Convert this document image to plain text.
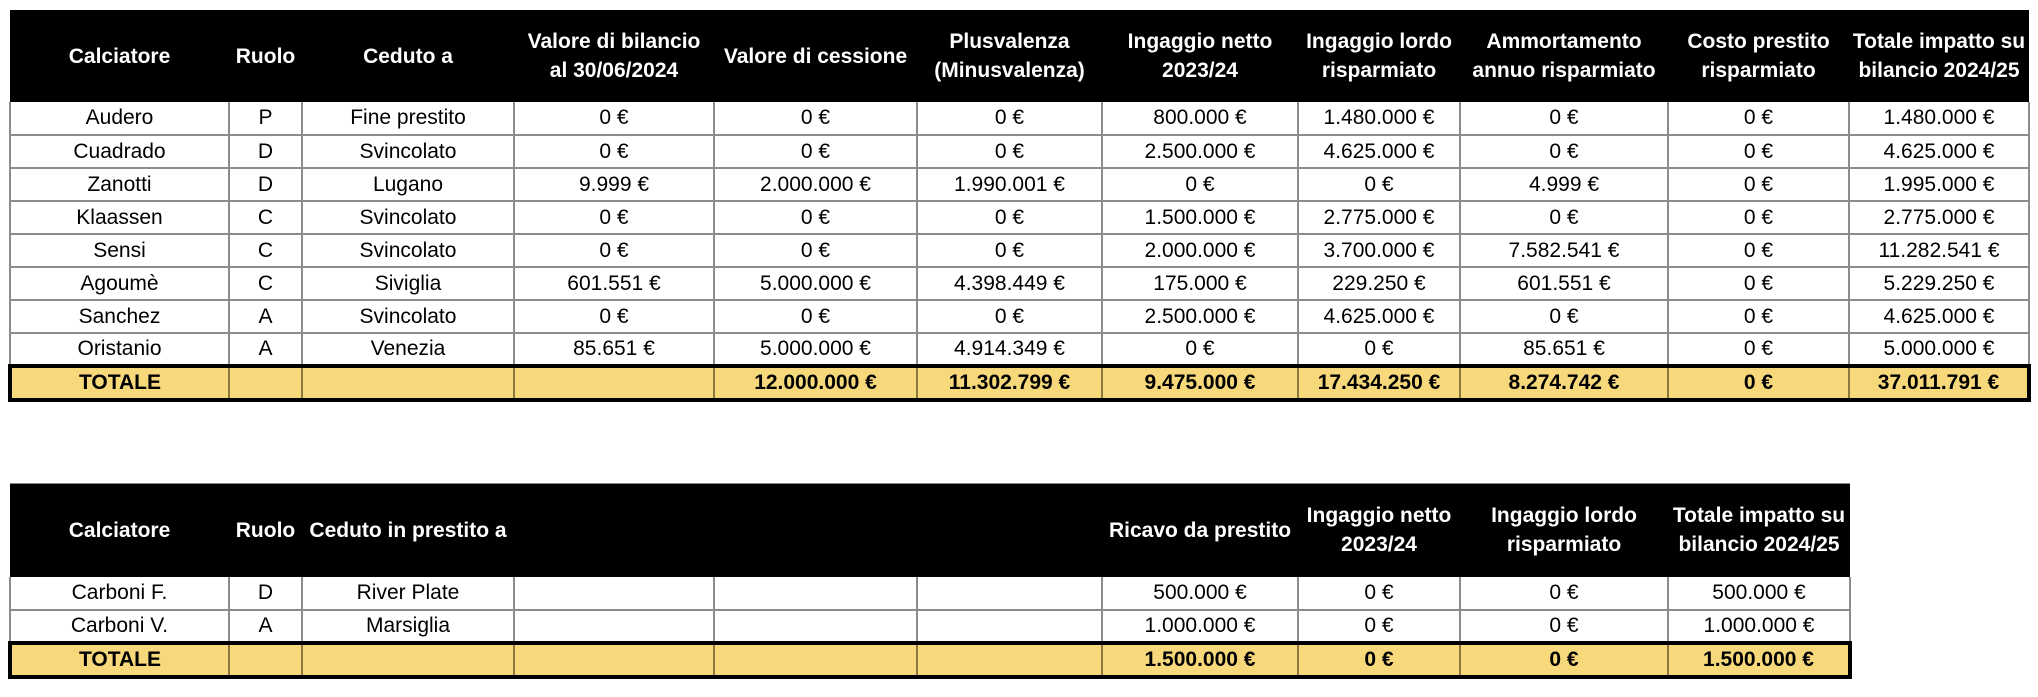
Calciatore	Ruolo	Ceduto a	Valore di bilancio al 30/06/2024	Valore di cessione	Plusvalenza (Minusvalenza)	Ingaggio netto 2023/24	Ingaggio lordo risparmiato	Ammortamento annuo risparmiato	Costo prestito risparmiato	Totale impatto su bilancio 2024/25
Audero	P	Fine prestito	0 €	0 €	0 €	800.000 €	1.480.000 €	0 €	0 €	1.480.000 €
Cuadrado	D	Svincolato	0 €	0 €	0 €	2.500.000 €	4.625.000 €	0 €	0 €	4.625.000 €
Zanotti	D	Lugano	9.999 €	2.000.000 €	1.990.001 €	0 €	0 €	4.999 €	0 €	1.995.000 €
Klaassen	C	Svincolato	0 €	0 €	0 €	1.500.000 €	2.775.000 €	0 €	0 €	2.775.000 €
Sensi	C	Svincolato	0 €	0 €	0 €	2.000.000 €	3.700.000 €	7.582.541 €	0 €	11.282.541 €
Agoumè	C	Siviglia	601.551 €	5.000.000 €	4.398.449 €	175.000 €	229.250 €	601.551 €	0 €	5.229.250 €
Sanchez	A	Svincolato	0 €	0 €	0 €	2.500.000 €	4.625.000 €	0 €	0 €	4.625.000 €
Oristanio	A	Venezia	85.651 €	5.000.000 €	4.914.349 €	0 €	0 €	85.651 €	0 €	5.000.000 €
TOTALE				12.000.000 €	11.302.799 €	9.475.000 €	17.434.250 €	8.274.742 €	0 €	37.011.791 €
Calciatore	Ruolo	Ceduto in prestito a				Ricavo da prestito	Ingaggio netto 2023/24	Ingaggio lordo risparmiato	Totale impatto su bilancio 2024/25
Carboni F.	D	River Plate				500.000 €	0 €	0 €	500.000 €
Carboni V.	A	Marsiglia				1.000.000 €	0 €	0 €	1.000.000 €
TOTALE						1.500.000 €	0 €	0 €	1.500.000 €
